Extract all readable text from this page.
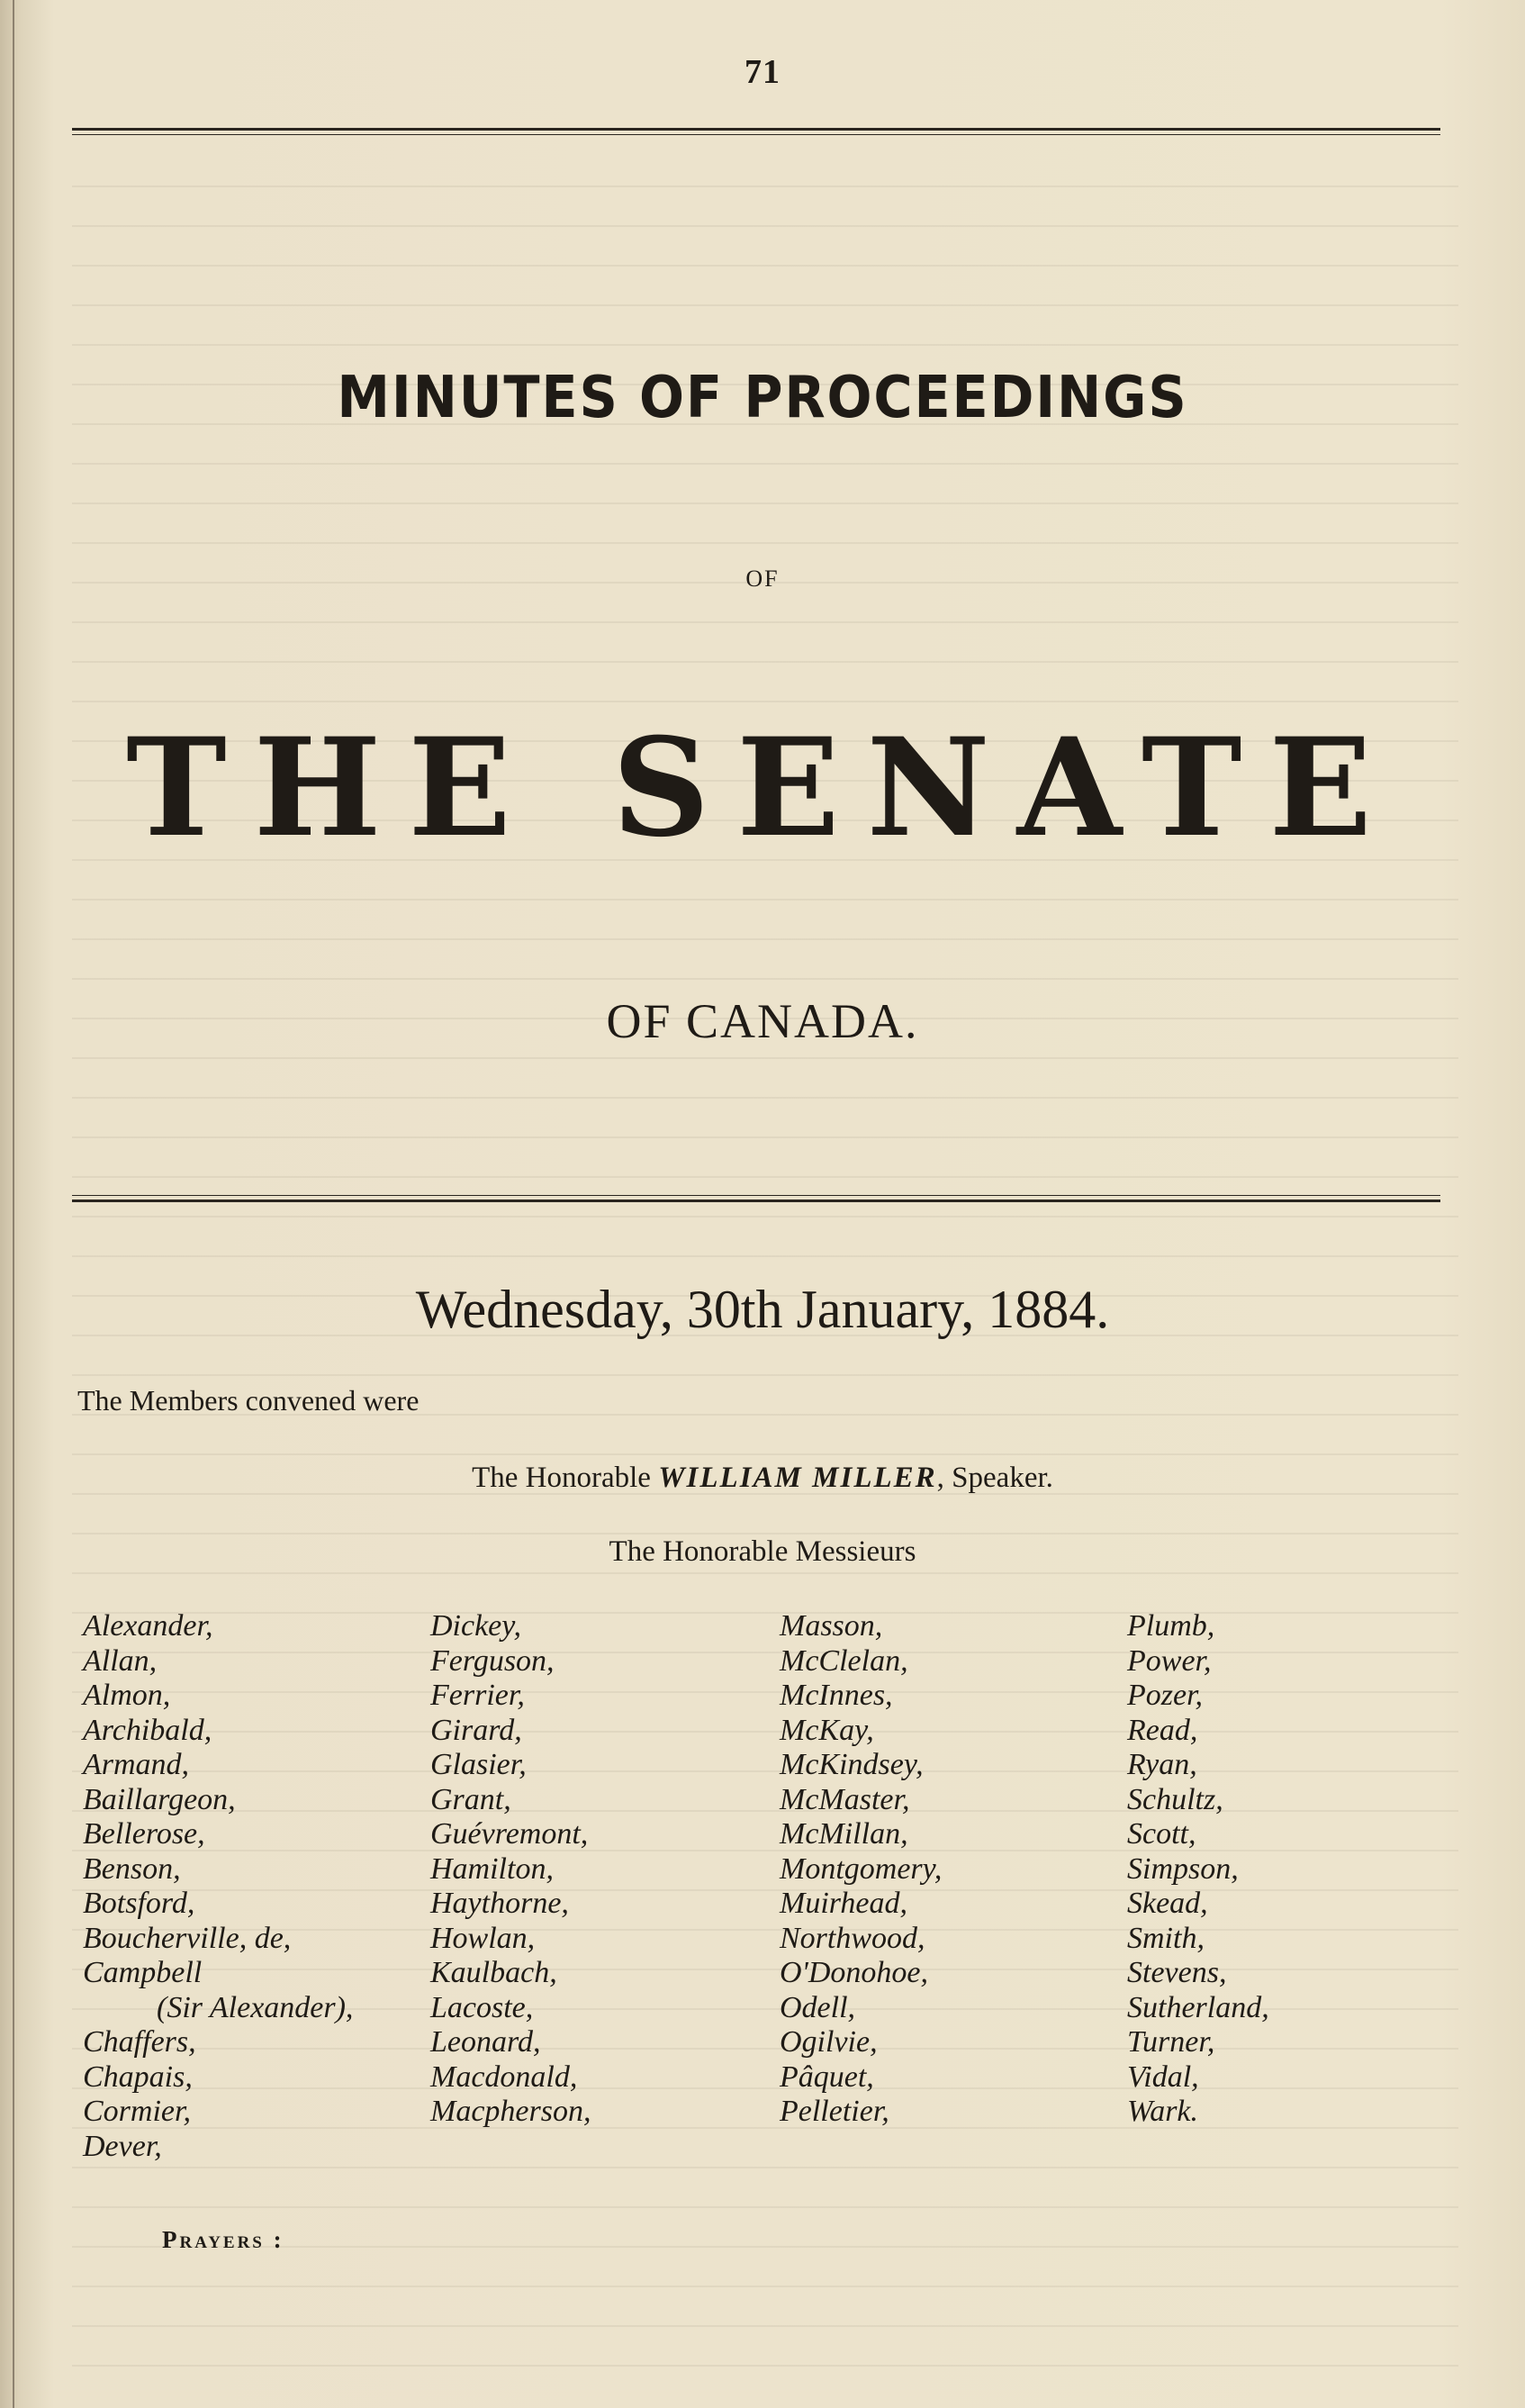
71
MINUTES OF PROCEEDINGS
OF
THE SENATE
OF CANADA.
Wednesday, 30th January, 1884.
The Members convened were
The Honorable WILLIAM MILLER, Speaker.
The Honorable Messieurs
Alexander,
Allan,
Almon,
Archibald,
Armand,
Baillargeon,
Bellerose,
Benson,
Botsford,
Boucherville, de,
Campbell
(Sir Alexander),
Chaffers,
Chapais,
Cormier,
Dever,
Dickey,
Ferguson,
Ferrier,
Girard,
Glasier,
Grant,
Guévremont,
Hamilton,
Haythorne,
Howlan,
Kaulbach,
Lacoste,
Leonard,
Macdonald,
Macpherson,
Masson,
McClelan,
McInnes,
McKay,
McKindsey,
McMaster,
McMillan,
Montgomery,
Muirhead,
Northwood,
O'Donohoe,
Odell,
Ogilvie,
Pâquet,
Pelletier,
Plumb,
Power,
Pozer,
Read,
Ryan,
Schultz,
Scott,
Simpson,
Skead,
Smith,
Stevens,
Sutherland,
Turner,
Vidal,
Wark.
Prayers :
